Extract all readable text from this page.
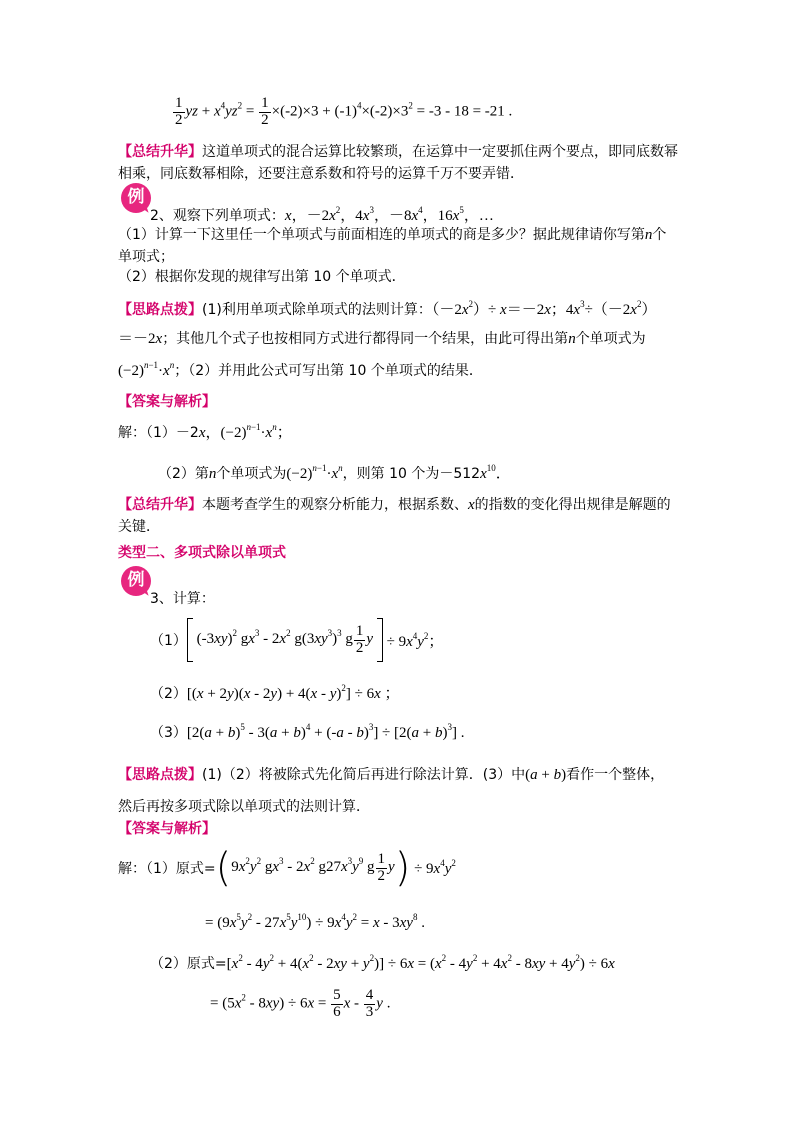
$\frac{1}{2}$ yz + $x^4yz^2 = \frac{1}{2} \times(-2)\times 3 + (-1)^4\times(-2)\times 3^2 = -3 - 18 = -21$ .
【总结升华】这道单项式的混合运算比较繁琐，在运算中一定要抓住两个要点，即同底数幂
相乘，同底数幂相除，还要注意系数和符号的运算千万不要弄错．
例
2、观察下列单项式：x，$-2x^2$，$4x^3$，$-8x^4$，$16x^5$，…
（1）计算一下这里任一个单项式与前面相连的单项式的商是多少？据此规律请你写第n个
单项式；
（2）根据你发现的规律写出第 10 个单项式．
【思路点拨】(1)利用单项式除单项式的法则计算：$(-2x^2)\div x=-2x$；$4x^3\div(-2x^2)$
＝－2x；其他几个式子也按相同方式进行都得同一个结果，由此可得出第n个单项式为
$(-2)^{n-1}\cdot x^n$；（2）并用此公式可写出第 10 个单项式的结果．
【答案与解析】
解：（1）－2x，$(-2)^{n-1}\cdot x^n$；
（2）第n个单项式为$(-2)^{n-1}\cdot x^n$，则第 10 个为$-512x^{10}$．
【总结升华】本题考查学生的观察分析能力，根据系数、x的指数的变化得出规律是解题的
关键．
类型二、多项式除以单项式
例
3、计算：
（1） $(-3xy)^2$ $gx^3 - 2x^2$ $g(3xy^3)^3$ g $\frac{1}{2}$ $y \div 9x^4y^2$；
（2）[(x + 2y)(x - 2y) + 4(x - y)$^2$] ÷ 6x ；
$(3)[2(a + b)^5 - 3(a + b)^4 + (-a - b)^3] \div [2(a + b)^3]$ .
【思路点拨】(1)（2）将被除式先化简后再进行除法计算．(3）中(a + b)看作一个整体，
然后再按多项式除以单项式的法则计算．
【答案与解析】
解：（1）原式$=(9x^2y^2$ $gx^3 - 2x^2$ $g27x^3y^9$ g $\frac{1}{2} y) \div 9x^4y^2$
= $(9x^5y^2 - 27x^5y^{10}) \div 9x^4y^2 = x - 3xy^8$ .
（2）原式$=[x^2 - 4y^2 + 4(x^2 - 2xy + y^2)] \div 6x = (x^2 - 4y^2 + 4x^2 - 8xy + 4y^2) \div 6x$
= $(5x^2 - 8xy) \div 6x = \frac{5}{6}$ x - $\frac{4}{3}$ y .
